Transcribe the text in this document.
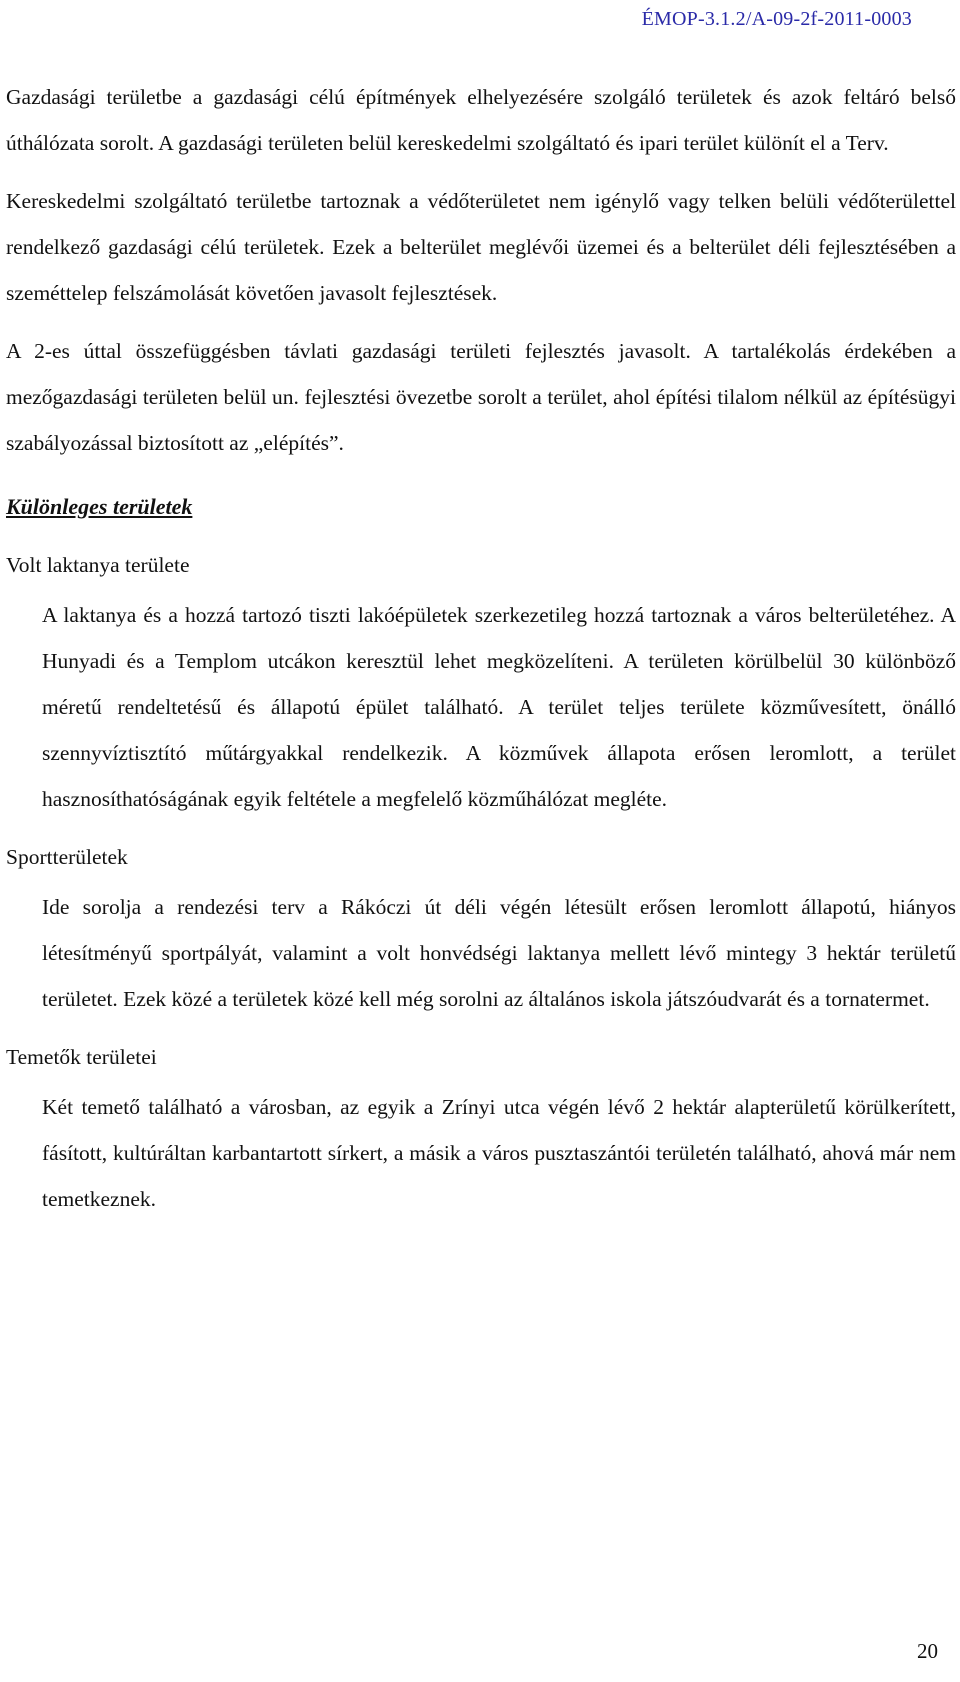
ÉMOP-3.1.2/A-09-2f-2011-0003

Gazdasági területbe a gazdasági célú építmények elhelyezésére szolgáló területek és azok feltáró belső úthálózata sorolt. A gazdasági területen belül kereskedelmi szolgáltató és ipari terület különít el a Terv.

Kereskedelmi szolgáltató területbe tartoznak a védőterületet nem igénylő vagy telken belüli védőterülettel rendelkező gazdasági célú területek. Ezek a belterület meglévői üzemei és a belterület déli fejlesztésében a szeméttelep felszámolását követően javasolt fejlesztések.

A 2-es úttal összefüggésben távlati gazdasági területi fejlesztés javasolt. A tartalékolás érdekében a mezőgazdasági területen belül un. fejlesztési övezetbe sorolt a terület, ahol építési tilalom nélkül az építésügyi szabályozással biztosított az „elépítés”.

Különleges területek

Volt laktanya területe

A laktanya és a hozzá tartozó tiszti lakóépületek szerkezetileg hozzá tartoznak a város belterületéhez. A Hunyadi és a Templom utcákon keresztül lehet megközelíteni. A területen körülbelül 30 különböző méretű rendeltetésű és állapotú épület található. A terület teljes területe közművesített, önálló szennyvíztisztító műtárgyakkal rendelkezik. A közművek állapota erősen leromlott, a terület hasznosíthatóságának egyik feltétele a megfelelő közműhálózat megléte.

Sportterületek

Ide sorolja a rendezési terv a Rákóczi út déli végén létesült erősen leromlott állapotú, hiányos létesítményű sportpályát, valamint a volt honvédségi laktanya mellett lévő mintegy 3 hektár területű területet. Ezek közé a területek közé kell még sorolni az általános iskola játszóudvarát és a tornatermet.

Temetők területei

Két temető található a városban, az egyik a Zrínyi utca végén lévő 2 hektár alapterületű körülkerített, fásított, kultúráltan karbantartott sírkert, a másik a város pusztaszántói területén található, ahová már nem temetkeznek.

20
